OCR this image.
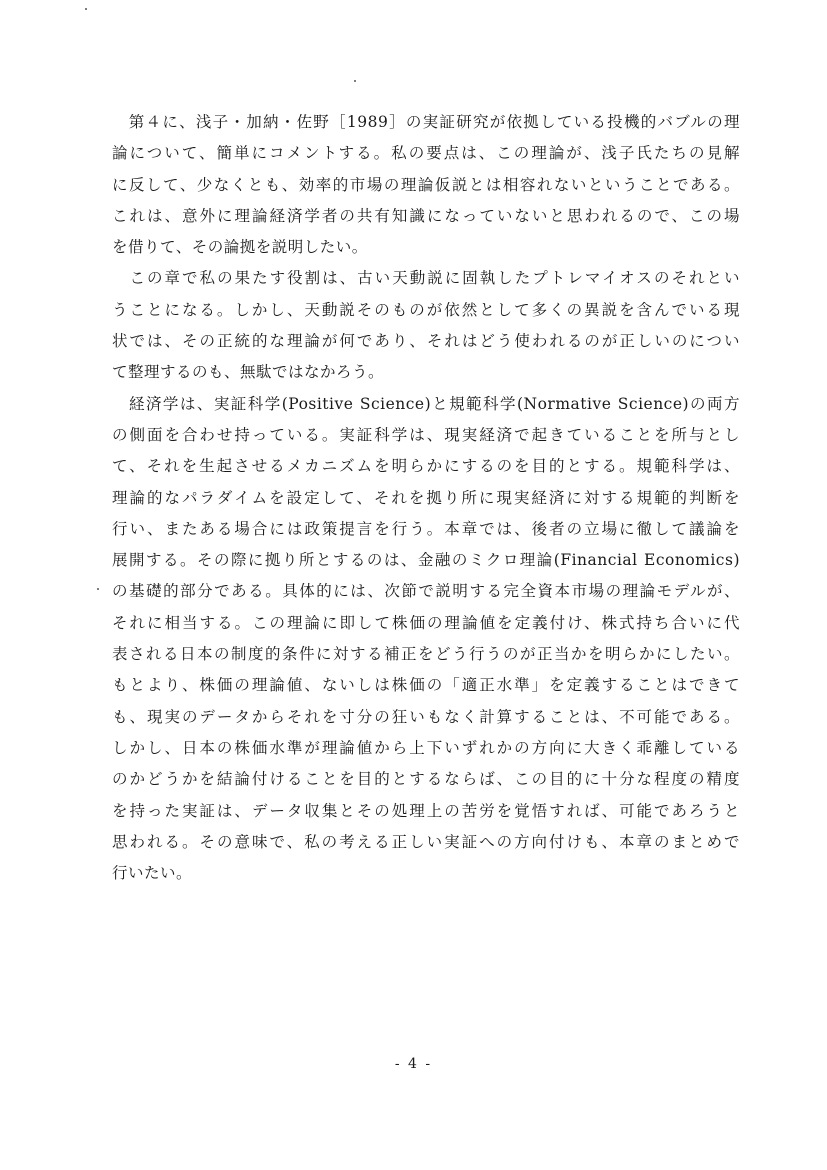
　第４に、浅子・加納・佐野［1989］の実証研究が依拠している投機的バブルの理
論について、簡単にコメントする。私の要点は、この理論が、浅子氏たちの見解
に反して、少なくとも、効率的市場の理論仮説とは相容れないということである。
これは、意外に理論経済学者の共有知識になっていないと思われるので、この場
を借りて、その論拠を説明したい。
　この章で私の果たす役割は、古い天動説に固執したプトレマイオスのそれとい
うことになる。しかし、天動説そのものが依然として多くの異説を含んでいる現
状では、その正統的な理論が何であり、それはどう使われるのが正しいのについ
て整理するのも、無駄ではなかろう。
　経済学は、実証科学(Positive Science)と規範科学(Normative Science)の両方
の側面を合わせ持っている。実証科学は、現実経済で起きていることを所与とし
て、それを生起させるメカニズムを明らかにするのを目的とする。規範科学は、
理論的なパラダイムを設定して、それを拠り所に現実経済に対する規範的判断を
行い、またある場合には政策提言を行う。本章では、後者の立場に徹して議論を
展開する。その際に拠り所とするのは、金融のミクロ理論(Financial Economics)
の基礎的部分である。具体的には、次節で説明する完全資本市場の理論モデルが、
それに相当する。この理論に即して株価の理論値を定義付け、株式持ち合いに代
表される日本の制度的条件に対する補正をどう行うのが正当かを明らかにしたい。
もとより、株価の理論値、ないしは株価の「適正水準」を定義することはできて
も、現実のデータからそれを寸分の狂いもなく計算することは、不可能である。
しかし、日本の株価水準が理論値から上下いずれかの方向に大きく乖離している
のかどうかを結論付けることを目的とするならば、この目的に十分な程度の精度
を持った実証は、データ収集とその処理上の苦労を覚悟すれば、可能であろうと
思われる。その意味で、私の考える正しい実証への方向付けも、本章のまとめで
行いたい。
- 4 -
